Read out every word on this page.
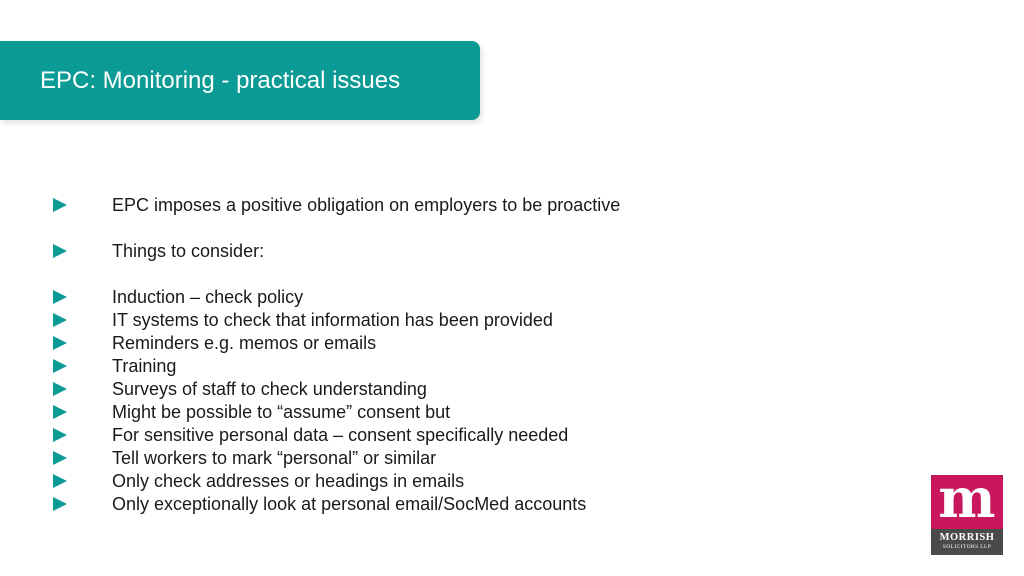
EPC: Monitoring - practical issues
EPC imposes a positive obligation on employers to be proactive
Things to consider:
Induction – check policy
IT systems to check that information has been provided
Reminders e.g. memos or emails
Training
Surveys of staff to check understanding
Might be possible to “assume” consent but
For sensitive personal data – consent specifically needed
Tell workers to mark “personal” or similar
Only check addresses or headings in emails
Only exceptionally look at personal email/SocMed accounts	m
MORRISH
SOLICITORS LLP
